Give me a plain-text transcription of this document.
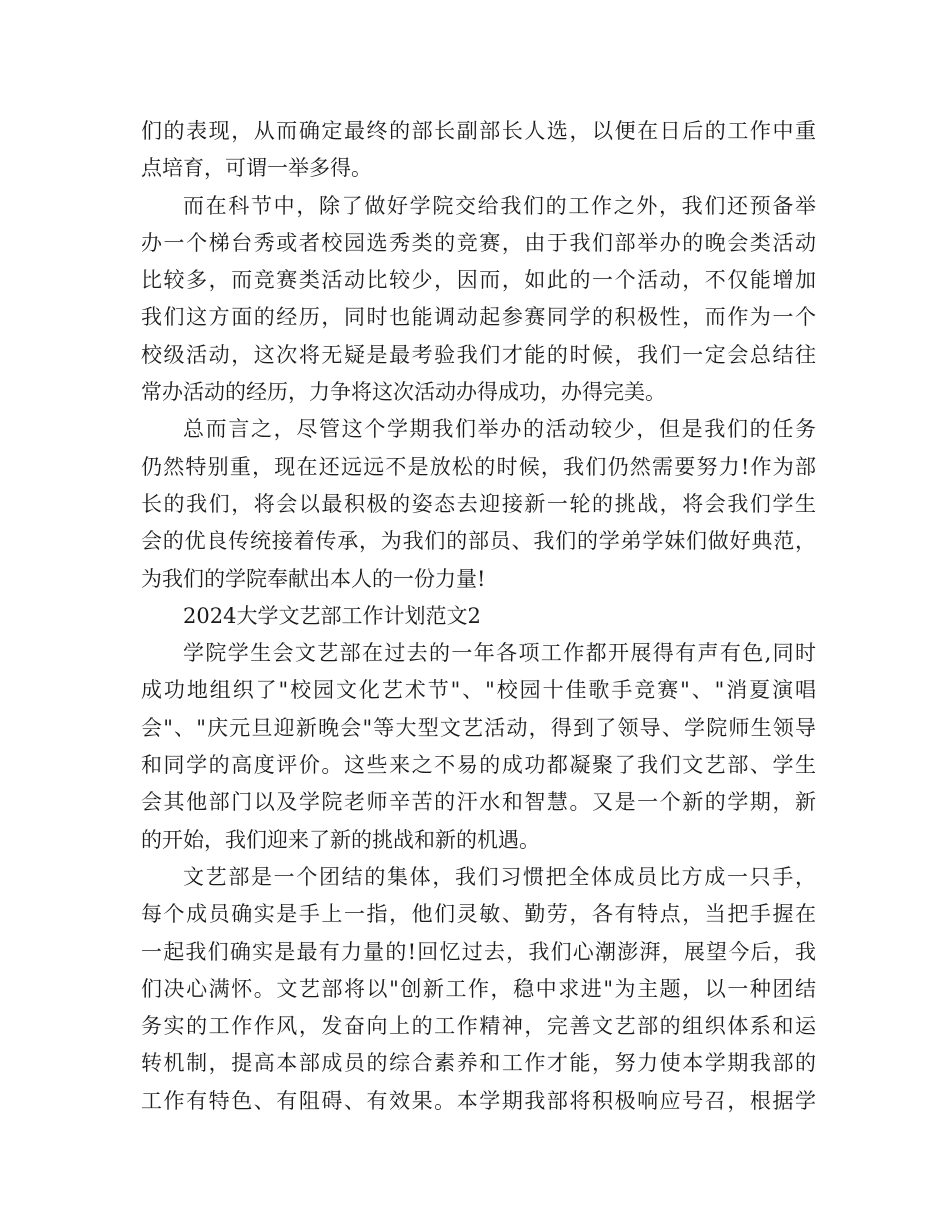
们的表现，从而确定最终的部长副部长人选，以便在日后的工作中重
点培育，可谓一举多得。
而在科节中，除了做好学院交给我们的工作之外，我们还预备举
办一个梯台秀或者校园选秀类的竞赛，由于我们部举办的晚会类活动
比较多，而竞赛类活动比较少，因而，如此的一个活动，不仅能增加
我们这方面的经历，同时也能调动起参赛同学的积极性，而作为一个
校级活动，这次将无疑是最考验我们才能的时候，我们一定会总结往
常办活动的经历，力争将这次活动办得成功，办得完美。
总而言之，尽管这个学期我们举办的活动较少，但是我们的任务
仍然特别重，现在还远远不是放松的时候，我们仍然需要努力!作为部
长的我们，将会以最积极的姿态去迎接新一轮的挑战，将会我们学生
会的优良传统接着传承，为我们的部员、我们的学弟学妹们做好典范，
为我们的学院奉献出本人的一份力量!
2024大学文艺部工作计划范文2
学院学生会文艺部在过去的一年各项工作都开展得有声有色,同时
成功地组织了"校园文化艺术节"、"校园十佳歌手竞赛"、"消夏演唱
会"、"庆元旦迎新晚会"等大型文艺活动，得到了领导、学院师生领导
和同学的高度评价。这些来之不易的成功都凝聚了我们文艺部、学生
会其他部门以及学院老师辛苦的汗水和智慧。又是一个新的学期，新
的开始，我们迎来了新的挑战和新的机遇。
文艺部是一个团结的集体，我们习惯把全体成员比方成一只手，
每个成员确实是手上一指，他们灵敏、勤劳，各有特点，当把手握在
一起我们确实是最有力量的!回忆过去，我们心潮澎湃，展望今后，我
们决心满怀。文艺部将以"创新工作，稳中求进"为主题，以一种团结
务实的工作作风，发奋向上的工作精神，完善文艺部的组织体系和运
转机制，提高本部成员的综合素养和工作才能，努力使本学期我部的
工作有特色、有阻碍、有效果。本学期我部将积极响应号召，根据学
